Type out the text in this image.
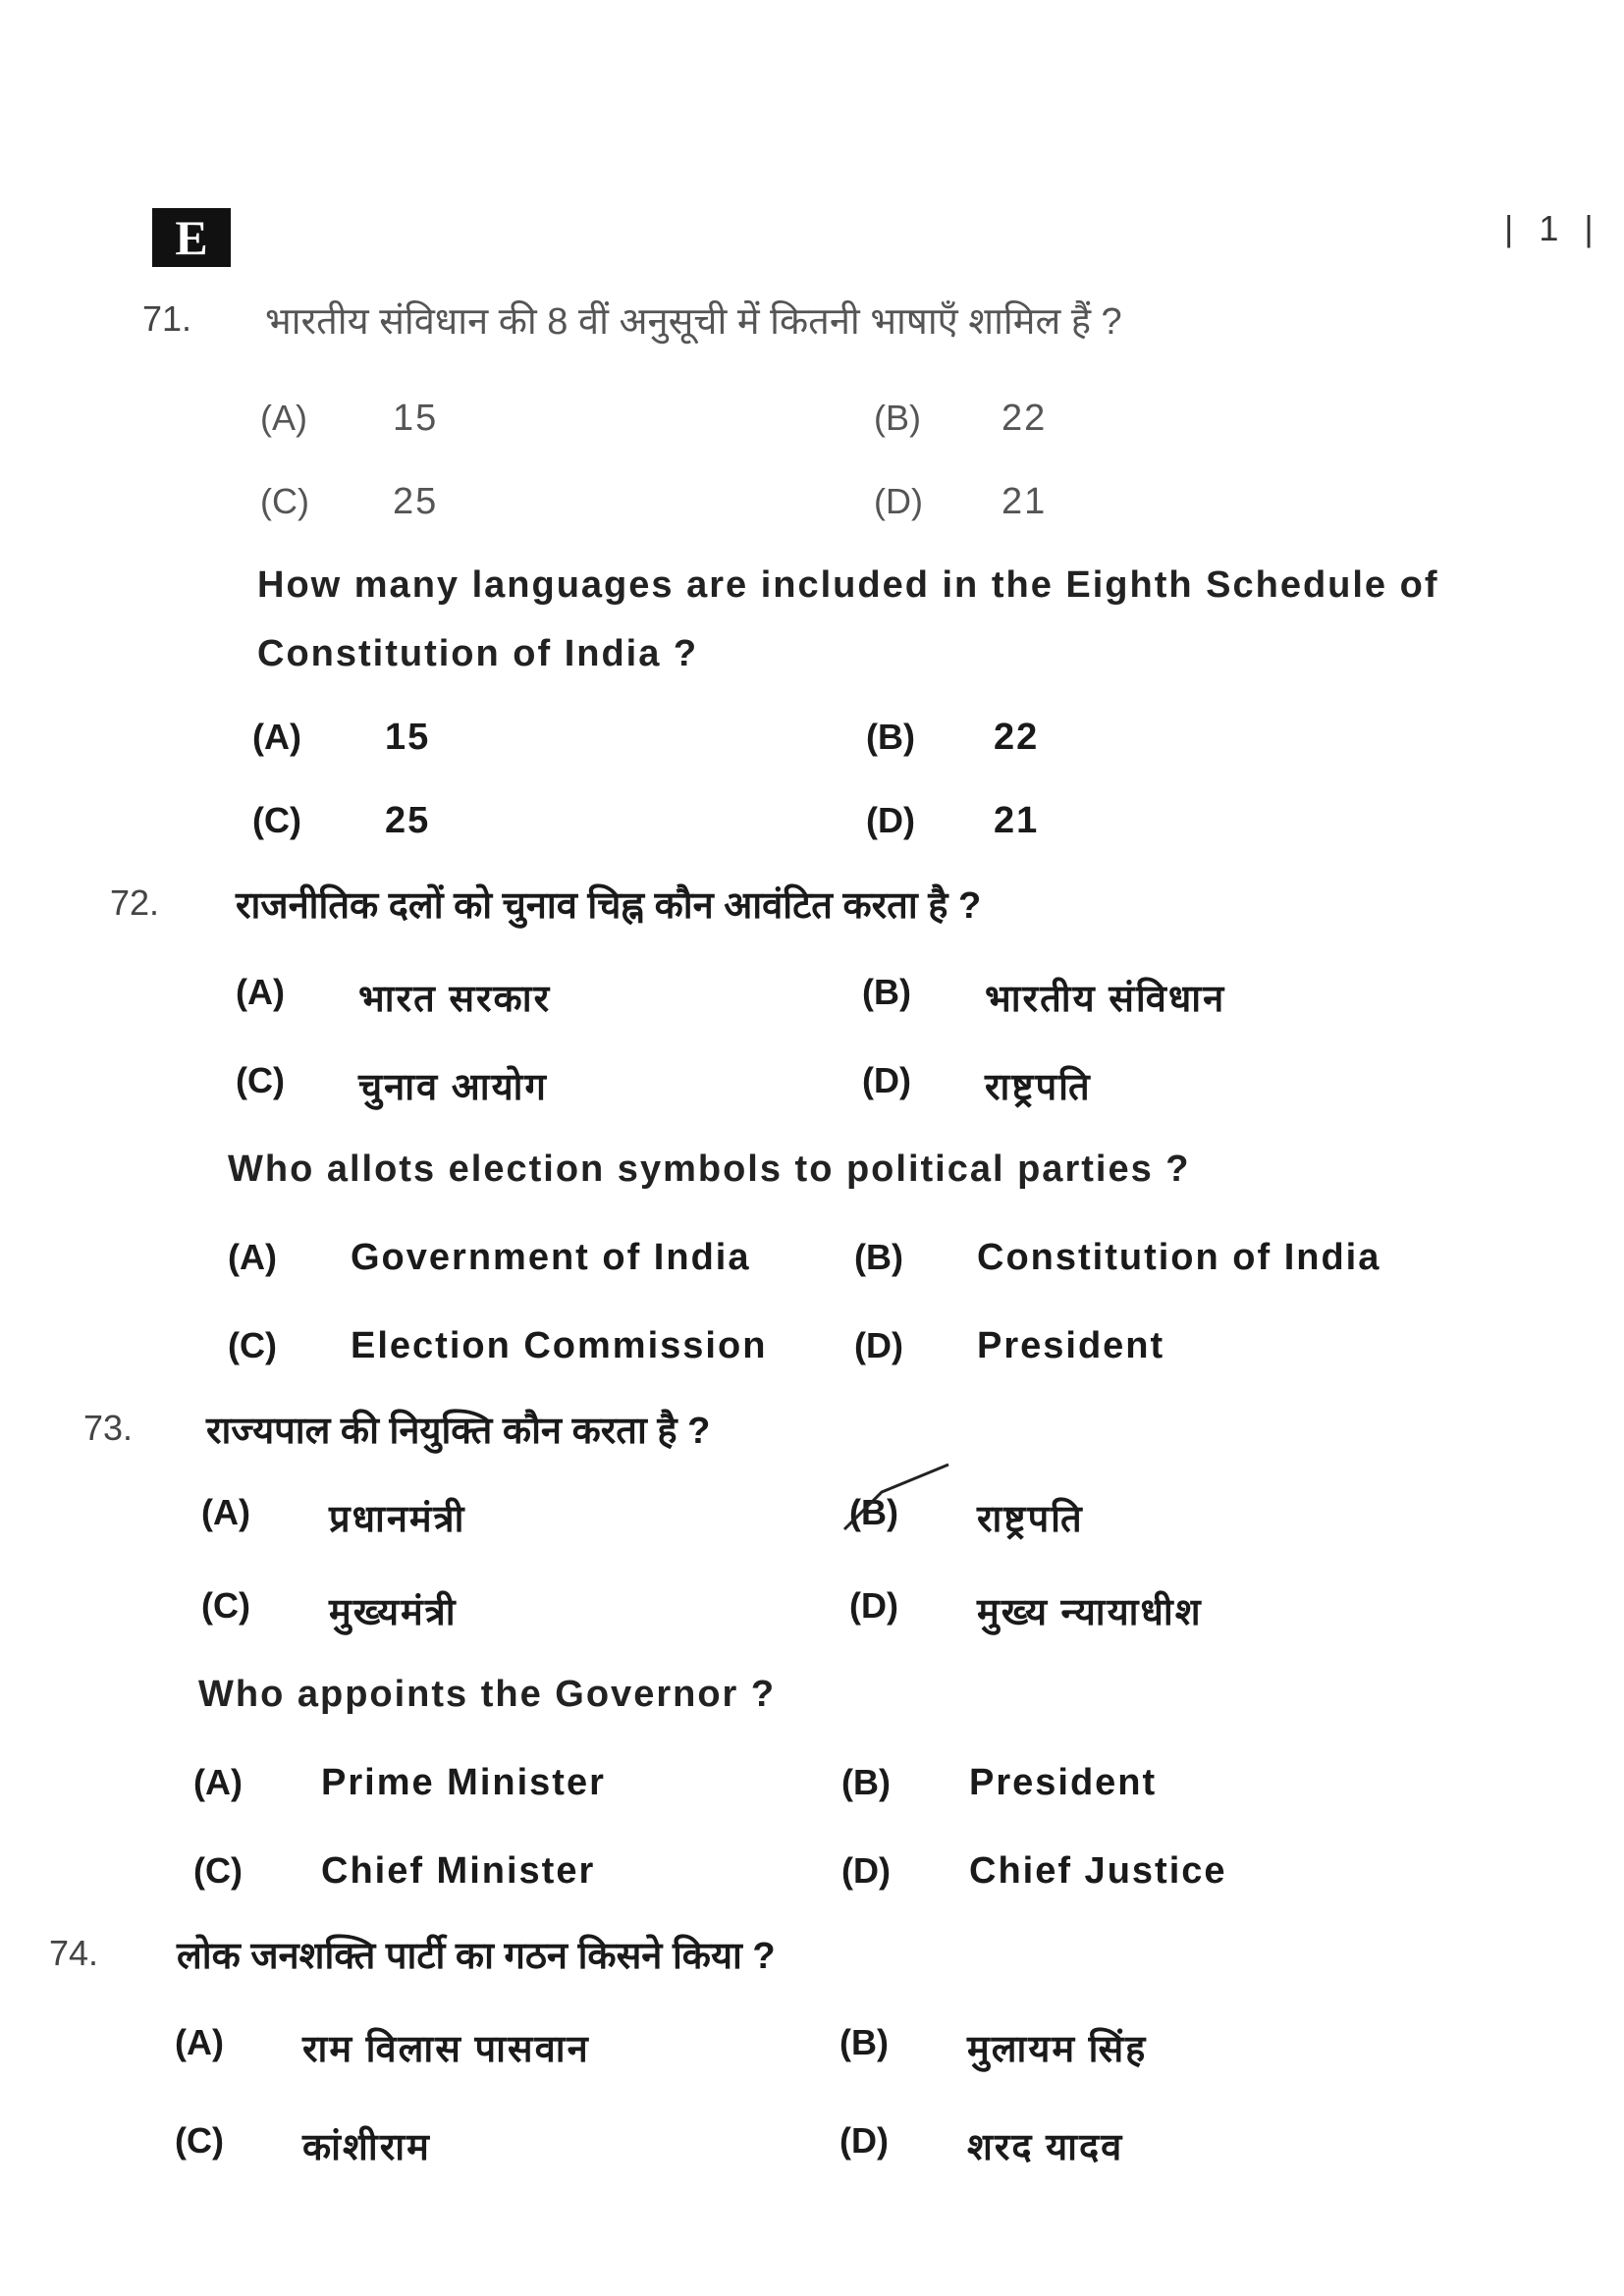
E	| 1 |
71. भारतीय संविधान की 8 वीं अनुसूची में कितनी भाषाएँ शामिल हैं ?
(A) 15	(B) 22
(C) 25	(D) 21
How many languages are included in the Eighth Schedule of
Constitution of India ?
(A) 15	(B) 22
(C) 25	(D) 21
72. राजनीतिक दलों को चुनाव चिह्न कौन आवंटित करता है ?
(A) भारत सरकार	(B) भारतीय संविधान
(C) चुनाव आयोग	(D) राष्ट्रपति
Who allots election symbols to political parties ?
(A) Government of India	(B) Constitution of India
(C) Election Commission (D) President
73. राज्यपाल की नियुक्ति कौन करता है ?
(A) प्रधानमंत्री	(B) राष्ट्रपति
(C) मुख्यमंत्री	(D) मुख्य न्यायाधीश
Who appoints the Governor ?
(A) Prime Minister	(B) President
(C) Chief Minister	(D) Chief Justice
74. लोक जनशक्ति पार्टी का गठन किसने किया ?
(A) राम विलास पासवान	(B) मुलायम सिंह
(C) कांशीराम	(D) शरद यादव
